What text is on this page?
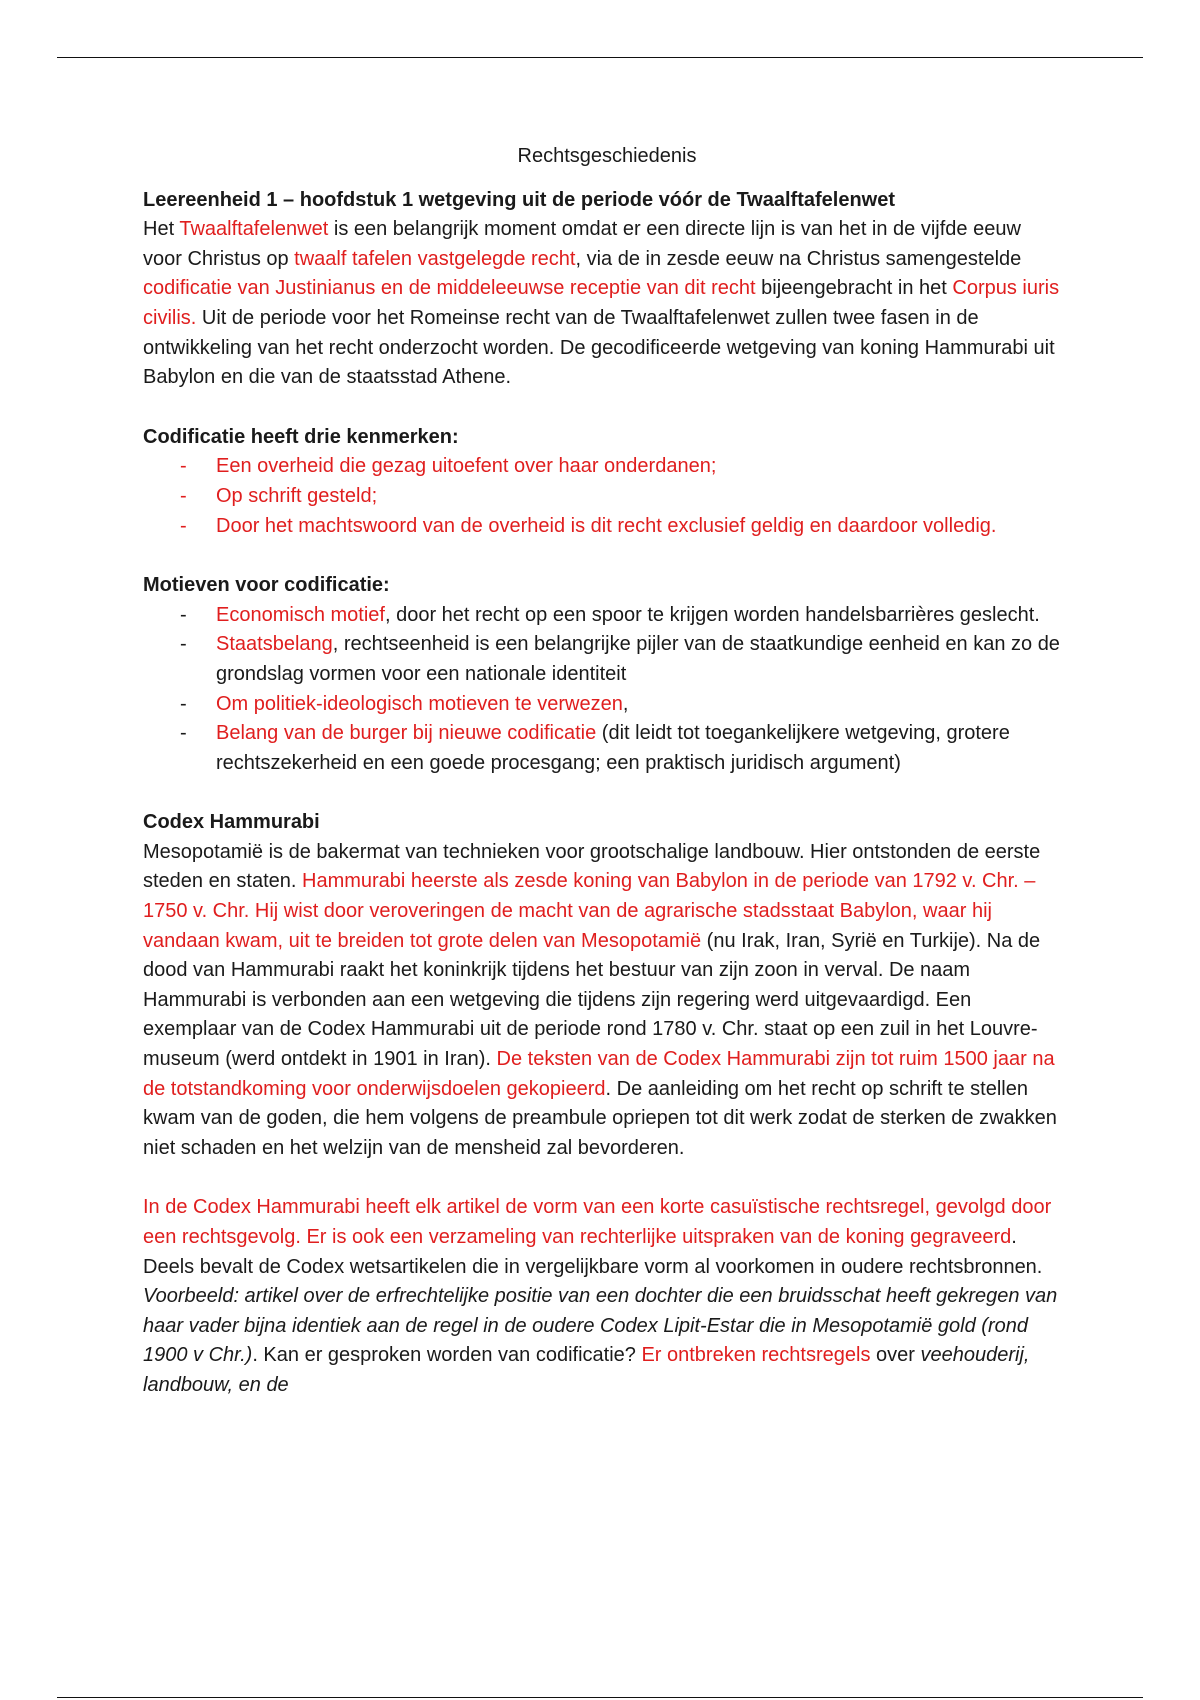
Rechtsgeschiedenis
Leereenheid 1 – hoofdstuk 1 wetgeving uit de periode vóór de Twaalftafelenwet

Het Twaalftafelenwet is een belangrijk moment omdat er een directe lijn is van het in de vijfde eeuw voor Christus op twaalf tafelen vastgelegde recht, via de in zesde eeuw na Christus samengestelde codificatie van Justinianus en de middeleeuwse receptie van dit recht bijeengebracht in het Corpus iuris civilis. Uit de periode voor het Romeinse recht van de Twaalftafelenwet zullen twee fasen in de ontwikkeling van het recht onderzocht worden. De gecodificeerde wetgeving van koning Hammurabi uit Babylon en die van de staatsstad Athene.

Codificatie heeft drie kenmerken:
- Een overheid die gezag uitoefent over haar onderdanen;
- Op schrift gesteld;
- Door het machtswoord van de overheid is dit recht exclusief geldig en daardoor volledig.
Motieven voor codificatie:
- Economisch motief, door het recht op een spoor te krijgen worden handelsbarrières geslecht.
- Staatsbelang, rechtseenheid is een belangrijke pijler van de staatkundige eenheid en kan zo de grondslag vormen voor een nationale identiteit
- Om politiek-ideologisch motieven te verwezen,
- Belang van de burger bij nieuwe codificatie (dit leidt tot toegankelijkere wetgeving, grotere rechtszekerheid en een goede procesgang; een praktisch juridisch argument)
Codex Hammurabi

Mesopotamië is de bakermat van technieken voor grootschalige landbouw. Hier ontstonden de eerste steden en staten. Hammurabi heerste als zesde koning van Babylon in de periode van 1792 v. Chr. – 1750 v. Chr. Hij wist door veroveringen de macht van de agrarische stadsstaat Babylon, waar hij vandaan kwam, uit te breiden tot grote delen van Mesopotamië (nu Irak, Iran, Syrië en Turkije). Na de dood van Hammurabi raakt het koninkrijk tijdens het bestuur van zijn zoon in verval. De naam Hammurabi is verbonden aan een wetgeving die tijdens zijn regering werd uitgevaardigd. Een exemplaar van de Codex Hammurabi uit de periode rond 1780 v. Chr. staat op een zuil in het Louvre-museum (werd ontdekt in 1901 in Iran). De teksten van de Codex Hammurabi zijn tot ruim 1500 jaar na de totstandkoming voor onderwijsdoelen gekopieerd. De aanleiding om het recht op schrift te stellen kwam van de goden, die hem volgens de preambule opriepen tot dit werk zodat de sterken de zwakken niet schaden en het welzijn van de mensheid zal bevorderen.

In de Codex Hammurabi heeft elk artikel de vorm van een korte casuïstische rechtsregel, gevolgd door een rechtsgevolg. Er is ook een verzameling van rechterlijke uitspraken van de koning gegraveerd. Deels bevalt de Codex wetsartikelen die in vergelijkbare vorm al voorkomen in oudere rechtsbronnen. Voorbeeld: artikel over de erfrechtelijke positie van een dochter die een bruidsschat heeft gekregen van haar vader bijna identiek aan de regel in de oudere Codex Lipit-Estar die in Mesopotamië gold (rond 1900 v Chr.). Kan er gesproken worden van codificatie? Er ontbreken rechtsregels over veehouderij, landbouw, en de
